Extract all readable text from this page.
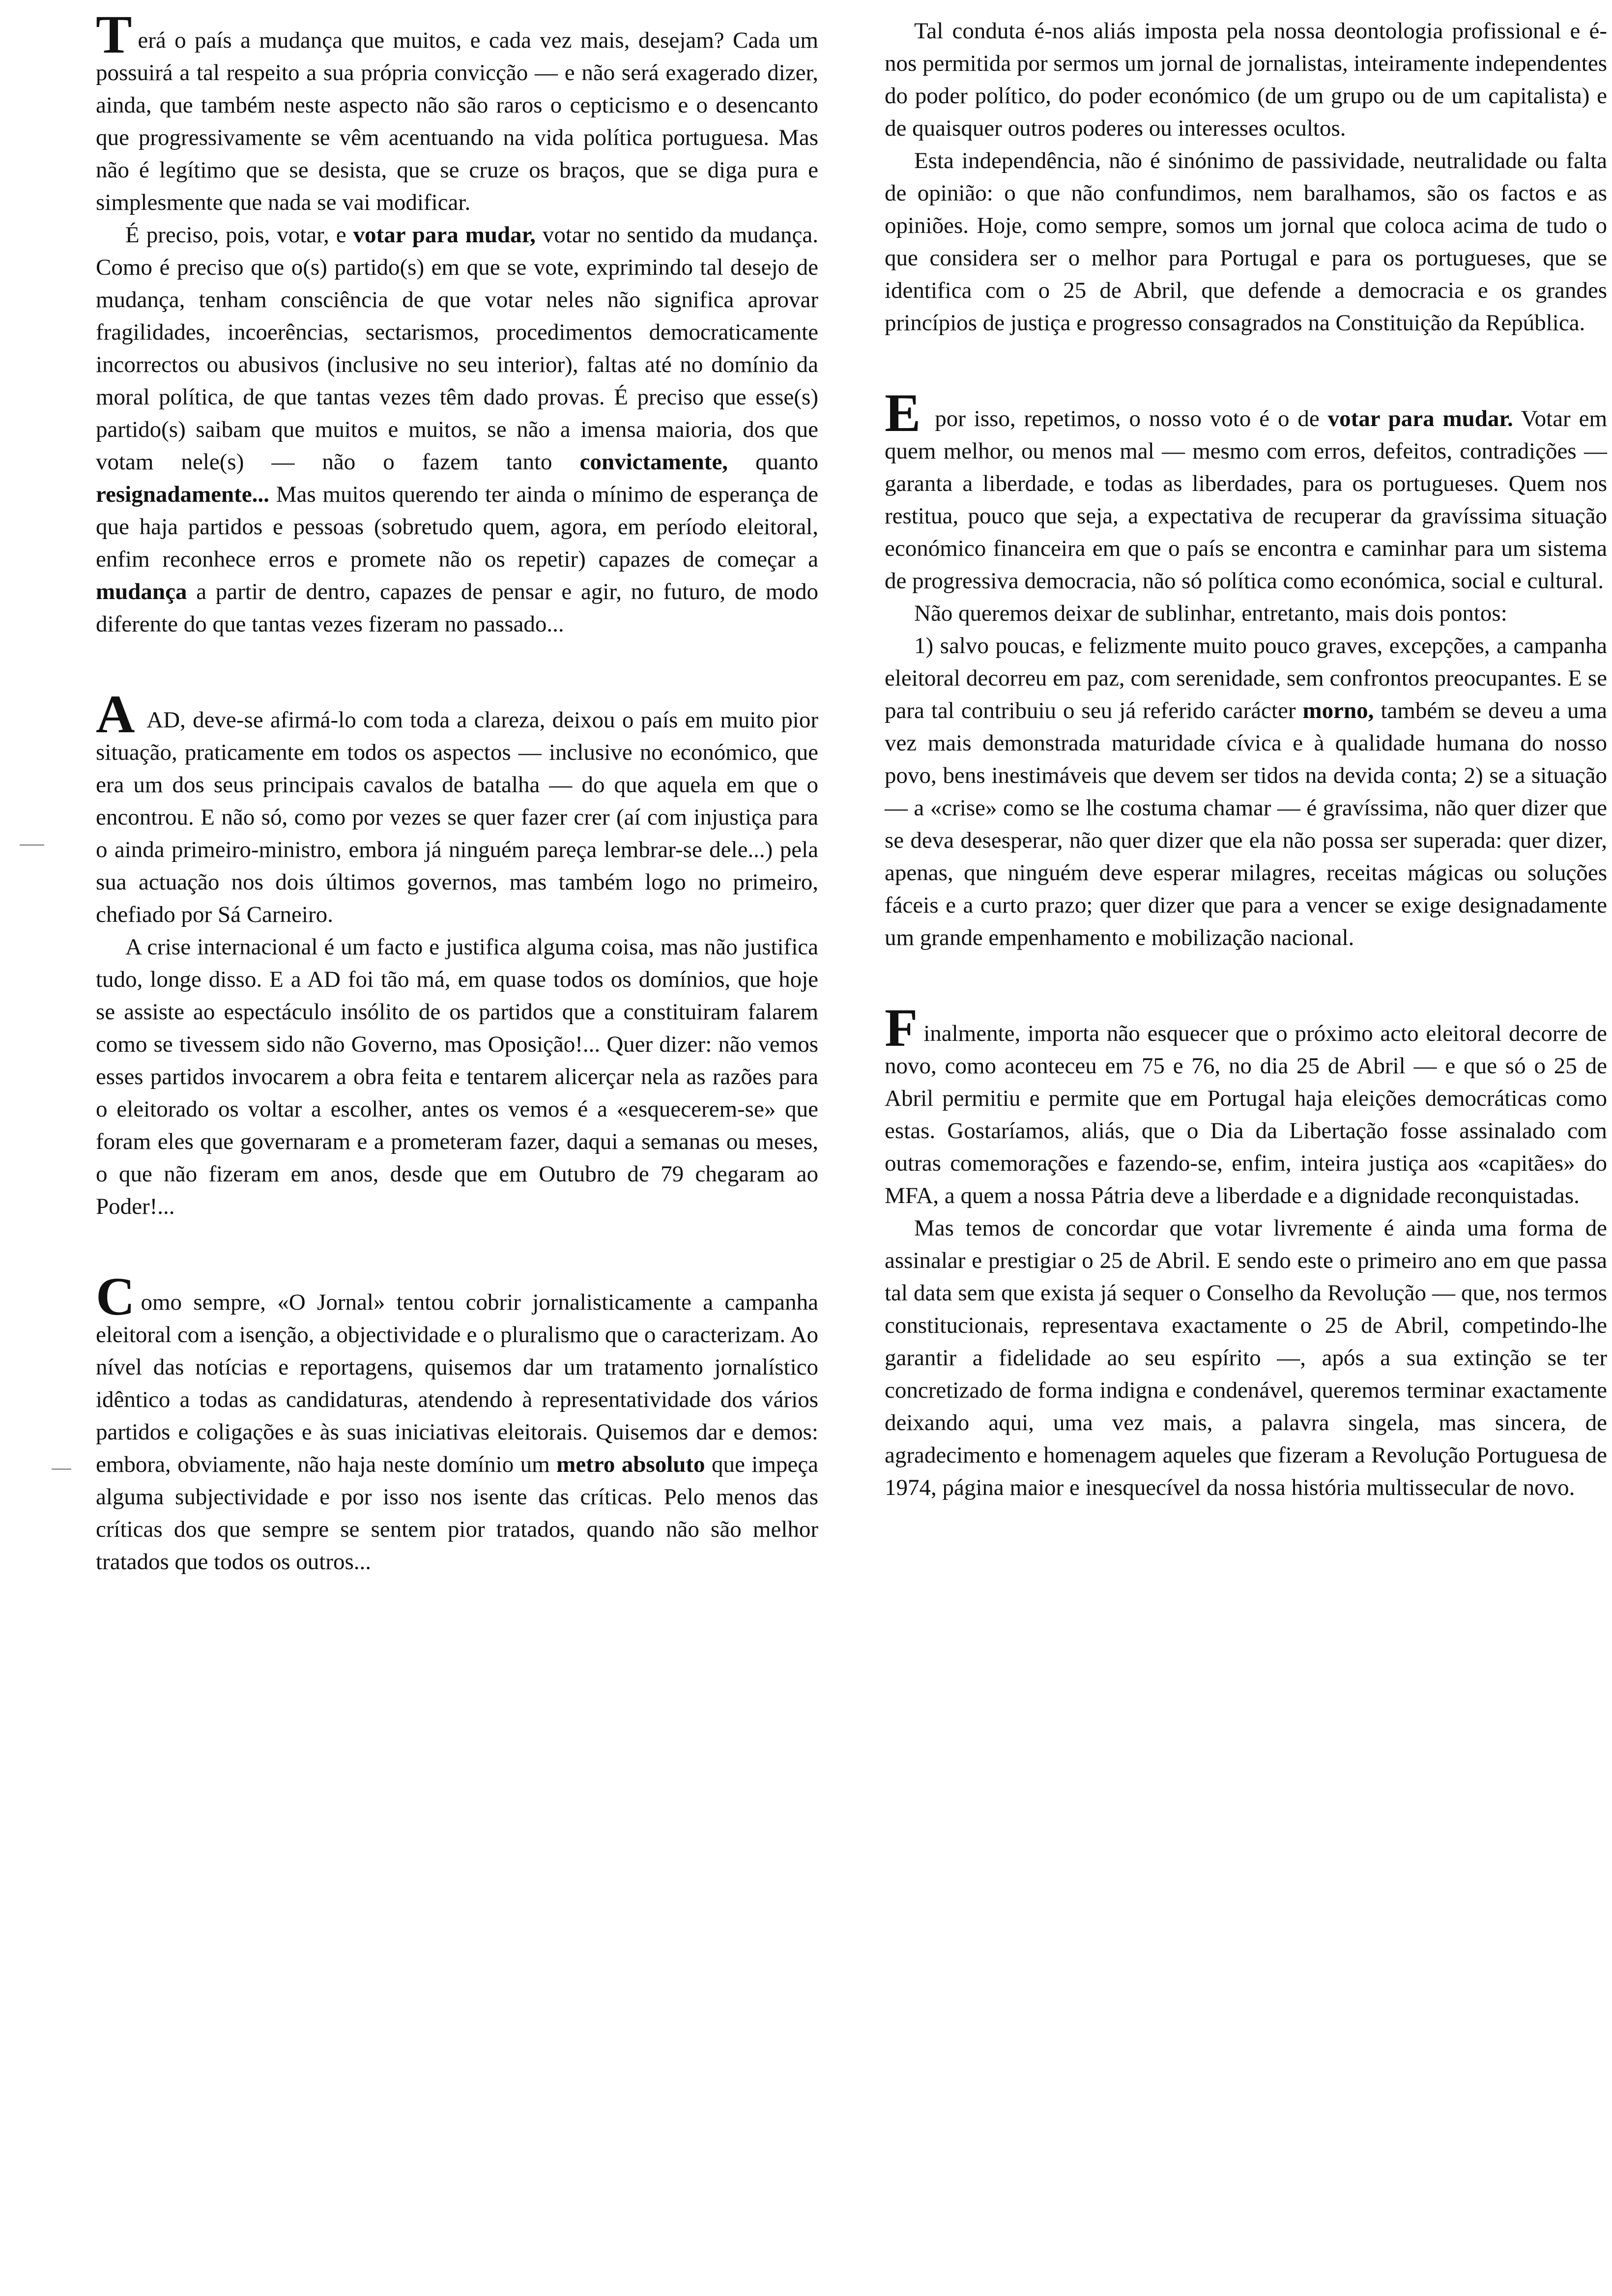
Terá o país a mudança que muitos, e cada vez mais, desejam? Cada um possuirá a tal respeito a sua própria convicção — e não será exagerado dizer, ainda, que também neste aspecto não são raros o cepticismo e o desencanto que progressivamente se vêm acentuando na vida política portuguesa. Mas não é legítimo que se desista, que se cruze os braços, que se diga pura e simplesmente que nada se vai modificar.

É preciso, pois, votar, e votar para mudar, votar no sentido da mudança. Como é preciso que o(s) partido(s) em que se vote, exprimindo tal desejo de mudança, tenham consciência de que votar neles não significa aprovar fragilidades, incoerências, sectarismos, procedimentos democraticamente incorrectos ou abusivos (inclusive no seu interior), faltas até no domínio da moral política, de que tantas vezes têm dado provas. É preciso que esse(s) partido(s) saibam que muitos e muitos, se não a imensa maioria, dos que votam nele(s) — não o fazem tanto convictamente, quanto resignadamente... Mas muitos querendo ter ainda o mínimo de esperança de que haja partidos e pessoas (sobretudo quem, agora, em período eleitoral, enfim reconhece erros e promete não os repetir) capazes de começar a mudança a partir de dentro, capazes de pensar e agir, no futuro, de modo diferente do que tantas vezes fizeram no passado...

A AD, deve-se afirmá-lo com toda a clareza, deixou o país em muito pior situação, praticamente em todos os aspectos — inclusive no económico, que era um dos seus principais cavalos de batalha — do que aquela em que o encontrou. E não só, como por vezes se quer fazer crer (aí com injustiça para o ainda primeiro-ministro, embora já ninguém pareça lembrar-se dele...) pela sua actuação nos dois últimos governos, mas também logo no primeiro, chefiado por Sá Carneiro.

A crise internacional é um facto e justifica alguma coisa, mas não justifica tudo, longe disso. E a AD foi tão má, em quase todos os domínios, que hoje se assiste ao espectáculo insólito de os partidos que a constituiram falarem como se tivessem sido não Governo, mas Oposição!... Quer dizer: não vemos esses partidos invocarem a obra feita e tentarem alicerçar nela as razões para o eleitorado os voltar a escolher, antes os vemos é a «esquecerem-se» que foram eles que governaram e a prometeram fazer, daqui a semanas ou meses, o que não fizeram em anos, desde que em Outubro de 79 chegaram ao Poder!...

Como sempre, «O Jornal» tentou cobrir jornalisticamente a campanha eleitoral com a isenção, a objectividade e o pluralismo que o caracterizam. Ao nível das notícias e reportagens, quisemos dar um tratamento jornalístico idêntico a todas as candidaturas, atendendo à representatividade dos vários partidos e coligações e às suas iniciativas eleitorais. Quisemos dar e demos: embora, obviamente, não haja neste domínio um metro absoluto que impeça alguma subjectividade e por isso nos isente das críticas. Pelo menos das críticas dos que sempre se sentem pior tratados, quando não são melhor tratados que todos os outros...

Tal conduta é-nos aliás imposta pela nossa deontologia profissional e é-nos permitida por sermos um jornal de jornalistas, inteiramente independentes do poder político, do poder económico (de um grupo ou de um capitalista) e de quaisquer outros poderes ou interesses ocultos.

Esta independência, não é sinónimo de passividade, neutralidade ou falta de opinião: o que não confundimos, nem baralhamos, são os factos e as opiniões. Hoje, como sempre, somos um jornal que coloca acima de tudo o que considera ser o melhor para Portugal e para os portugueses, que se identifica com o 25 de Abril, que defende a democracia e os grandes princípios de justiça e progresso consagrados na Constituição da República.

E por isso, repetimos, o nosso voto é o de votar para mudar. Votar em quem melhor, ou menos mal — mesmo com erros, defeitos, contradições — garanta a liberdade, e todas as liberdades, para os portugueses. Quem nos restitua, pouco que seja, a expectativa de recuperar da gravíssima situação económico financeira em que o país se encontra e caminhar para um sistema de progressiva democracia, não só política como económica, social e cultural.

Não queremos deixar de sublinhar, entretanto, mais dois pontos:

1) salvo poucas, e felizmente muito pouco graves, excepções, a campanha eleitoral decorreu em paz, com serenidade, sem confrontos preocupantes. E se para tal contribuiu o seu já referido carácter morno, também se deveu a uma vez mais demonstrada maturidade cívica e à qualidade humana do nosso povo, bens inestimáveis que devem ser tidos na devida conta; 2) se a situação — a «crise» como se lhe costuma chamar — é gravíssima, não quer dizer que se deva desesperar, não quer dizer que ela não possa ser superada: quer dizer, apenas, que ninguém deve esperar milagres, receitas mágicas ou soluções fáceis e a curto prazo; quer dizer que para a vencer se exige designadamente um grande empenhamento e mobilização nacional.

Finalmente, importa não esquecer que o próximo acto eleitoral decorre de novo, como aconteceu em 75 e 76, no dia 25 de Abril — e que só o 25 de Abril permitiu e permite que em Portugal haja eleições democráticas como estas. Gostaríamos, aliás, que o Dia da Libertação fosse assinalado com outras comemorações e fazendo-se, enfim, inteira justiça aos «capitães» do MFA, a quem a nossa Pátria deve a liberdade e a dignidade reconquistadas.

Mas temos de concordar que votar livremente é ainda uma forma de assinalar e prestigiar o 25 de Abril. E sendo este o primeiro ano em que passa tal data sem que exista já sequer o Conselho da Revolução — que, nos termos constitucionais, representava exactamente o 25 de Abril, competindo-lhe garantir a fidelidade ao seu espírito —, após a sua extinção se ter concretizado de forma indigna e condenável, queremos terminar exactamente deixando aqui, uma vez mais, a palavra singela, mas sincera, de agradecimento e homenagem aqueles que fizeram a Revolução Portuguesa de 1974, página maior e inesquecível da nossa história multissecular de novo.
